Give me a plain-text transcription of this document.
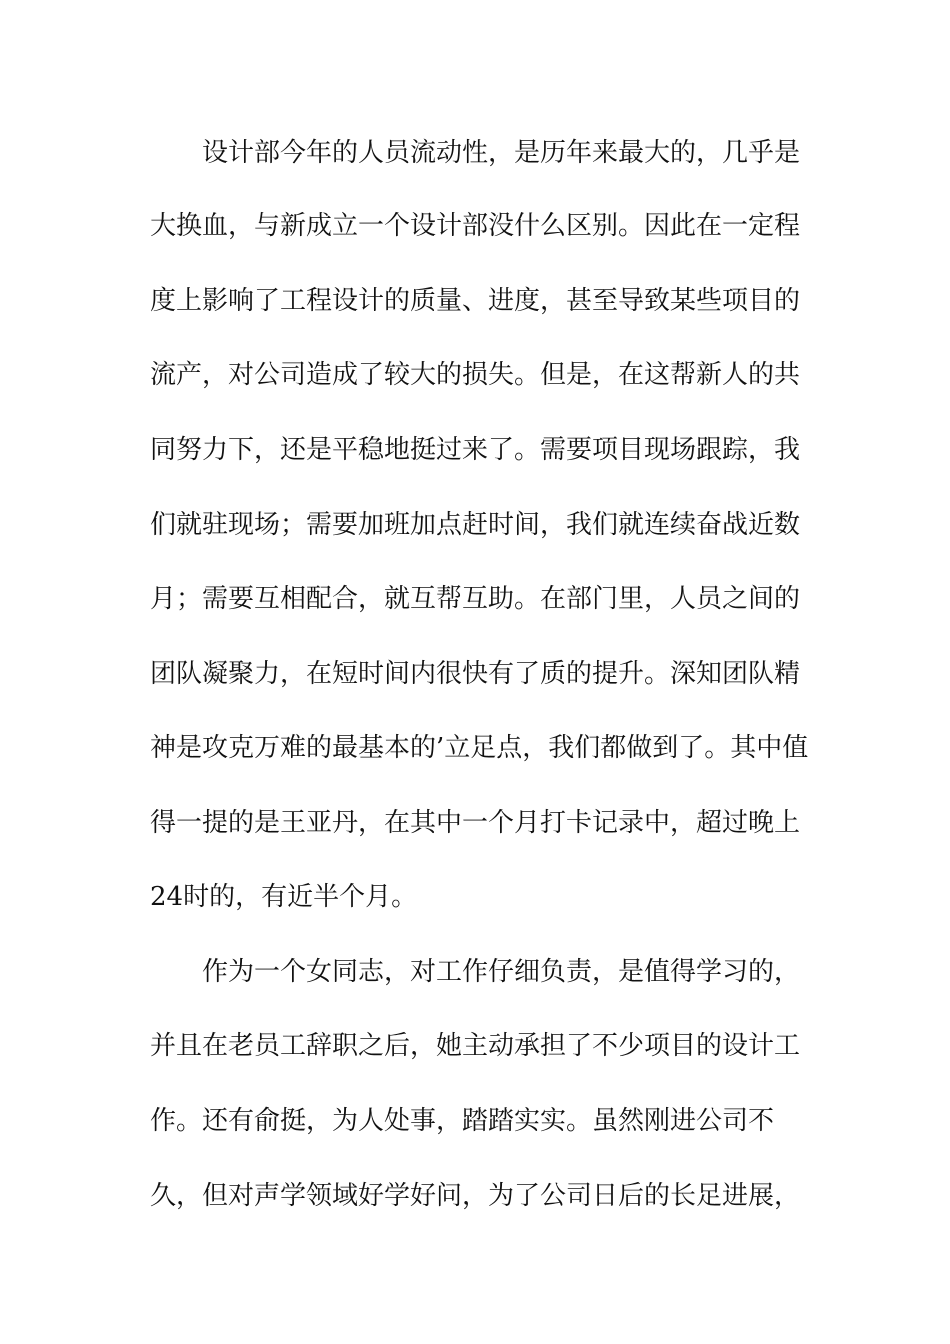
设计部今年的人员流动性，是历年来最大的，几乎是
大换血，与新成立一个设计部没什么区别。因此在一定程
度上影响了工程设计的质量、进度，甚至导致某些项目的
流产，对公司造成了较大的损失。但是，在这帮新人的共
同努力下，还是平稳地挺过来了。需要项目现场跟踪，我
们就驻现场；需要加班加点赶时间，我们就连续奋战近数
月；需要互相配合，就互帮互助。在部门里，人员之间的
团队凝聚力，在短时间内很快有了质的提升。深知团队精
神是攻克万难的最基本的’立足点，我们都做到了。其中值
得一提的是王亚丹，在其中一个月打卡记录中，超过晚上
24时的，有近半个月。
作为一个女同志，对工作仔细负责，是值得学习的，
并且在老员工辞职之后，她主动承担了不少项目的设计工
作。还有俞挺，为人处事，踏踏实实。虽然刚进公司不
久，但对声学领域好学好问，为了公司日后的长足进展，
